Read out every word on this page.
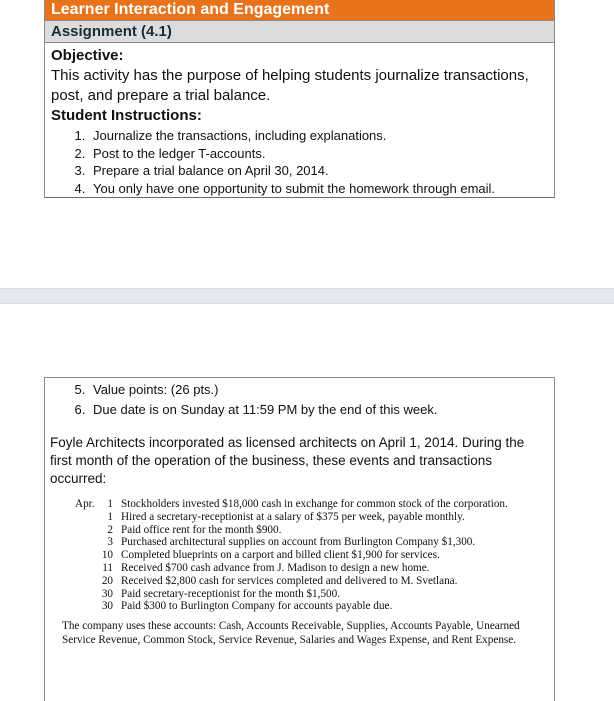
Learner Interaction and Engagement
Assignment (4.1)
Objective:
This activity has the purpose of helping students journalize transactions, post, and prepare a trial balance.
Student Instructions:
1. Journalize the transactions, including explanations.
2. Post to the ledger T-accounts.
3. Prepare a trial balance on April 30, 2014.
4. You only have one opportunity to submit the homework through email.
5. Value points: (26 pts.)
6. Due date is on Sunday at 11:59 PM by the end of this week.
Foyle Architects incorporated as licensed architects on April 1, 2014. During the first month of the operation of the business, these events and transactions occurred:
Apr.	1	Stockholders invested $18,000 cash in exchange for common stock of the corporation.
	1	Hired a secretary-receptionist at a salary of $375 per week, payable monthly.
	2	Paid office rent for the month $900.
	3	Purchased architectural supplies on account from Burlington Company $1,300.
	10	Completed blueprints on a carport and billed client $1,900 for services.
	11	Received $700 cash advance from J. Madison to design a new home.
	20	Received $2,800 cash for services completed and delivered to M. Svetlana.
	30	Paid secretary-receptionist for the month $1,500.
	30	Paid $300 to Burlington Company for accounts payable due.
The company uses these accounts: Cash, Accounts Receivable, Supplies, Accounts Payable, Unearned Service Revenue, Common Stock, Service Revenue, Salaries and Wages Expense, and Rent Expense.
